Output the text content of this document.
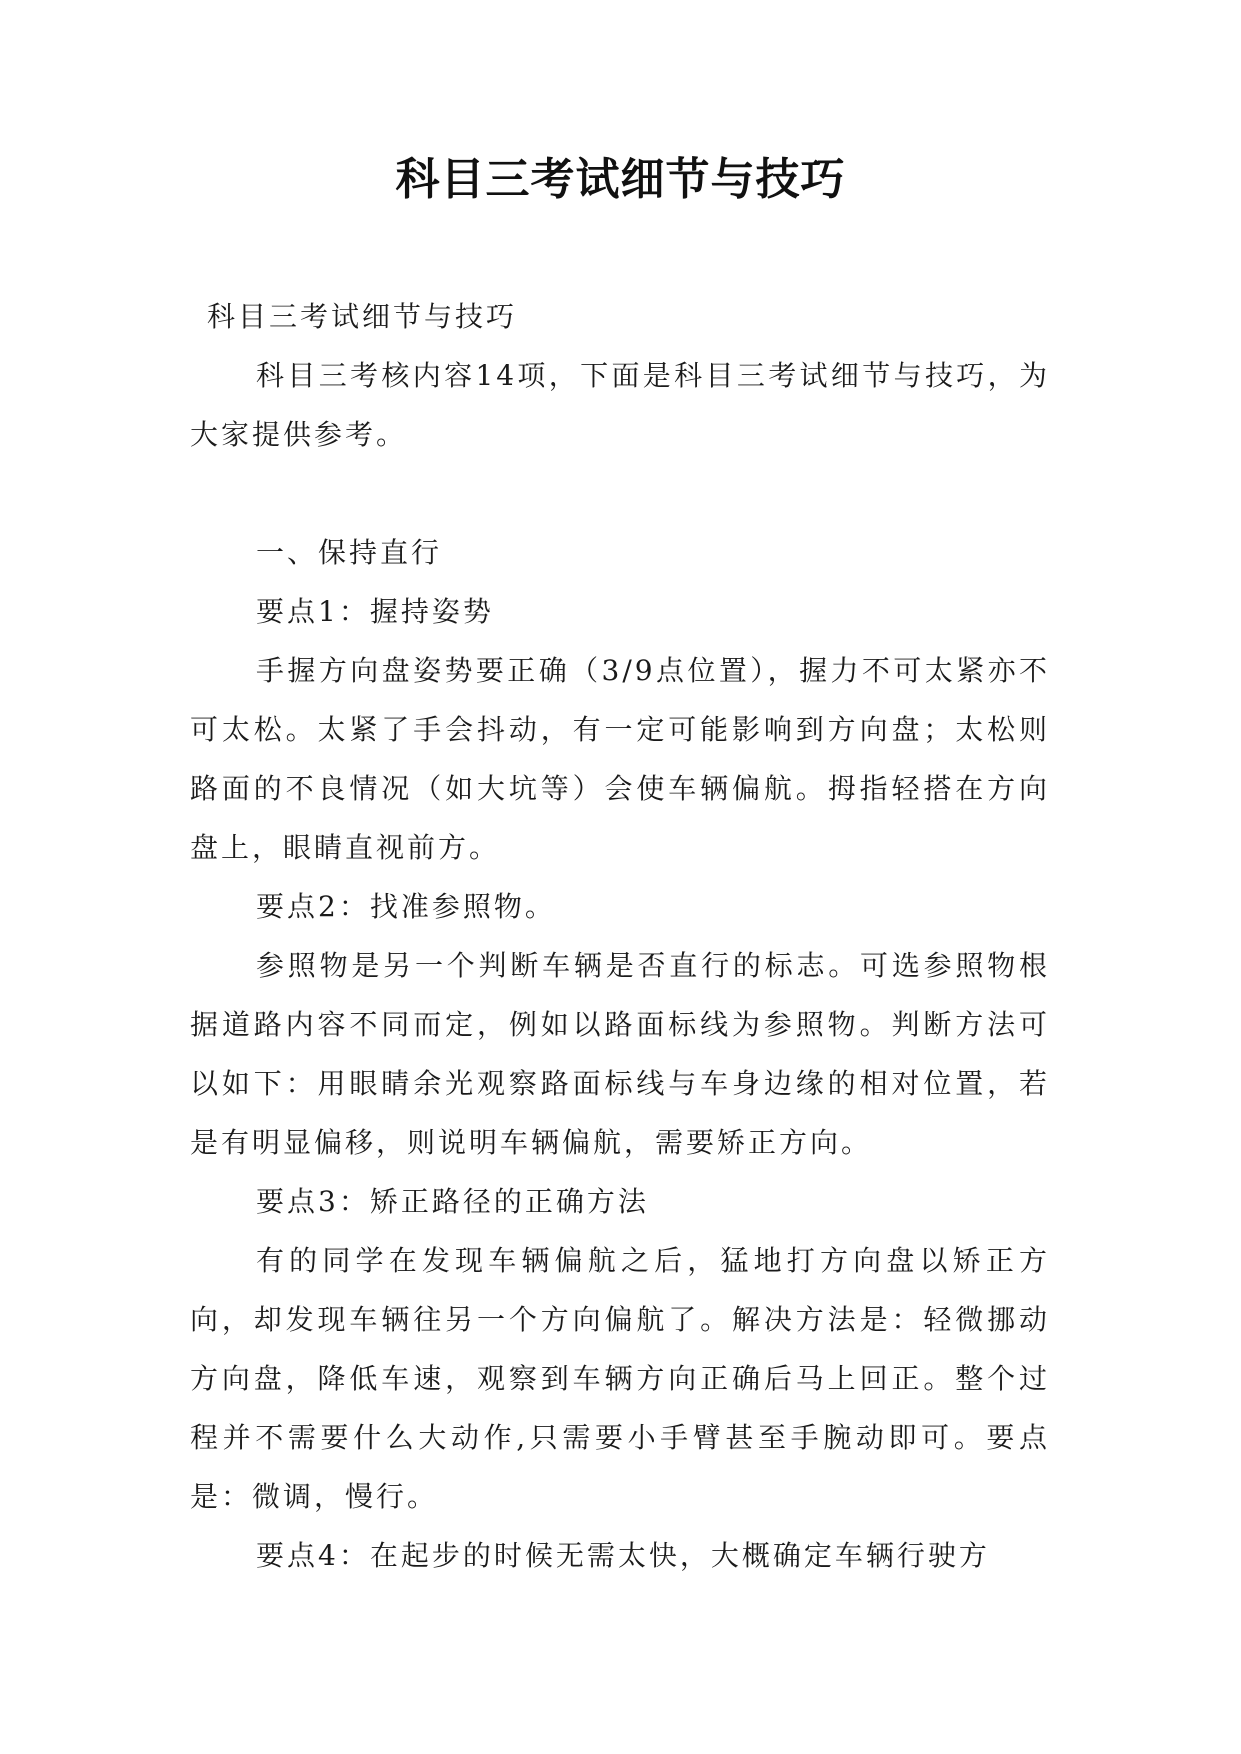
科目三考试细节与技巧

科目三考试细节与技巧

科目三考核内容14项，下面是科目三考试细节与技巧，为大家提供参考。

一、保持直行

要点1：握持姿势

手握方向盘姿势要正确（3/9点位置），握力不可太紧亦不可太松。太紧了手会抖动，有一定可能影响到方向盘；太松则路面的不良情况（如大坑等）会使车辆偏航。拇指轻搭在方向盘上，眼睛直视前方。

要点2：找准参照物。

参照物是另一个判断车辆是否直行的标志。可选参照物根据道路内容不同而定，例如以路面标线为参照物。判断方法可以如下：用眼睛余光观察路面标线与车身边缘的相对位置，若是有明显偏移，则说明车辆偏航，需要矫正方向。

要点3：矫正路径的正确方法

有的同学在发现车辆偏航之后，猛地打方向盘以矫正方向，却发现车辆往另一个方向偏航了。解决方法是：轻微挪动方向盘，降低车速，观察到车辆方向正确后马上回正。整个过程并不需要什么大动作,只需要小手臂甚至手腕动即可。要点是：微调，慢行。

要点4：在起步的时候无需太快，大概确定车辆行驶方
